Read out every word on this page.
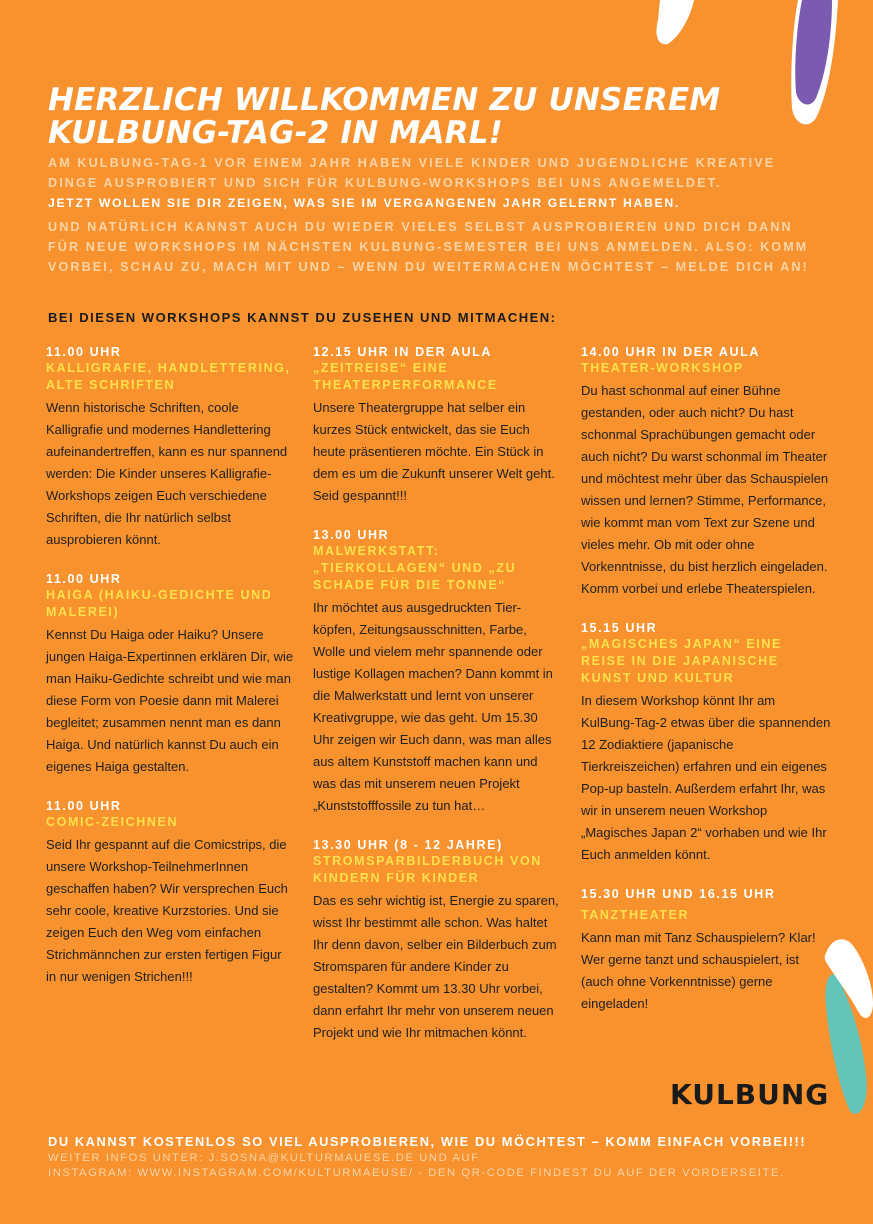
HERZLICH WILLKOMMEN ZU UNSEREM
KULBUNG-TAG-2 IN MARL!
AM KULBUNG-TAG-1 VOR EINEM JAHR HABEN VIELE KINDER UND JUGENDLICHE KREATIVE
DINGE AUSPROBIERT UND SICH FÜR KULBUNG-WORKSHOPS BEI UNS ANGEMELDET.
JETZT WOLLEN SIE DIR ZEIGEN, WAS SIE IM VERGANGENEN JAHR GELERNT HABEN.
UND NATÜRLICH KANNST AUCH DU WIEDER VIELES SELBST AUSPROBIEREN UND DICH DANN
FÜR NEUE WORKSHOPS IM NÄCHSTEN KULBUNG-SEMESTER BEI UNS ANMELDEN. ALSO: KOMM
VORBEI, SCHAU ZU, MACH MIT UND – WENN DU WEITERMACHEN MÖCHTEST – MELDE DICH AN!
BEI DIESEN WORKSHOPS KANNST DU ZUSEHEN UND MITMACHEN:
11.00 UHR
KALLIGRAFIE, HANDLETTERING, ALTE SCHRIFTEN
Wenn historische Schriften, coole Kalligrafie und modernes Handlettering aufeinandertreffen, kann es nur spannend werden: Die Kinder unseres Kalligrafie-Workshops zeigen Euch verschiedene Schriften, die Ihr natürlich selbst ausprobieren könnt.
11.00 UHR
HAIGA (HAIKU-GEDICHTE UND MALEREI)
Kennst Du Haiga oder Haiku? Unsere jungen Haiga-Expertinnen erklären Dir, wie man Haiku-Gedichte schreibt und wie man diese Form von Poesie dann mit Malerei begleitet; zusammen nennt man es dann Haiga. Und natürlich kannst Du auch ein eigenes Haiga gestalten.
11.00 UHR
COMIC-ZEICHNEN
Seid Ihr gespannt auf die Comicstrips, die unsere Workshop-TeilnehmerInnen geschaffen haben? Wir versprechen Euch sehr coole, kreative Kurzstories. Und sie zeigen Euch den Weg vom einfachen Strichmännchen zur ersten fertigen Figur in nur wenigen Strichen!!!
12.15 UHR IN DER AULA
„ZEITREISE“ EINE THEATERPERFORMANCE
Unsere Theatergruppe hat selber ein kurzes Stück entwickelt, das sie Euch heute präsentieren möchte. Ein Stück in dem es um die Zukunft unserer Welt geht. Seid gespannt!!!
13.00 UHR
MALWERKSTATT: „TIERKOLLAGEN“ UND „ZU SCHADE FÜR DIE TONNE“
Ihr möchtet aus ausgedruckten Tier-köpfen, Zeitungsausschnitten, Farbe, Wolle und vielem mehr spannende oder lustige Kollagen machen? Dann kommt in die Malwerkstatt und lernt von unserer Kreativgruppe, wie das geht. Um 15.30 Uhr zeigen wir Euch dann, was man alles aus altem Kunststoff machen kann und was das mit unserem neuen Projekt „Kunststofffossile zu tun hat…
13.30 UHR (8 - 12 JAHRE)
STROMSPARBILDERBUCH VON KINDERN FÜR KINDER
Das es sehr wichtig ist, Energie zu sparen, wisst Ihr bestimmt alle schon. Was haltet Ihr denn davon, selber ein Bilderbuch zum Stromsparen für andere Kinder zu gestalten? Kommt um 13.30 Uhr vorbei, dann erfahrt Ihr mehr von unserem neuen Projekt und wie Ihr mitmachen könnt.
14.00 UHR IN DER AULA
THEATER-WORKSHOP
Du hast schonmal auf einer Bühne gestanden, oder auch nicht? Du hast schonmal Sprachübungen gemacht oder auch nicht? Du warst schonmal im Theater und möchtest mehr über das Schauspielen wissen und lernen? Stimme, Performance, wie kommt man vom Text zur Szene und vieles mehr. Ob mit oder ohne Vorkenntnisse, du bist herzlich eingeladen. Komm vorbei und erlebe Theaterspielen.
15.15 UHR
„MAGISCHES JAPAN“ EINE REISE IN DIE JAPANISCHE KUNST UND KULTUR
In diesem Workshop könnt Ihr am KulBung-Tag-2 etwas über die spannenden 12 Zodiaktiere (japanische Tierkreiszeichen) erfahren und ein eigenes Pop-up basteln. Außerdem erfahrt Ihr, was wir in unserem neuen Workshop „Magisches Japan 2“ vorhaben und wie Ihr Euch anmelden könnt.
15.30 UHR UND 16.15 UHR
TANZTHEATER
Kann man mit Tanz Schauspielern? Klar! Wer gerne tanzt und schauspielert, ist (auch ohne Vorkenntnisse) gerne eingeladen!
KULBUNG
DU KANNST KOSTENLOS SO VIEL AUSPROBIEREN, WIE DU MÖCHTEST – KOMM EINFACH VORBEI!!!
WEITER INFOS UNTER: J.SOSNA@KULTURMAUESE.DE UND AUF
INSTAGRAM: WWW.INSTAGRAM.COM/KULTURMAEUSE/ - DEN QR-CODE FINDEST DU AUF DER VORDERSEITE.
